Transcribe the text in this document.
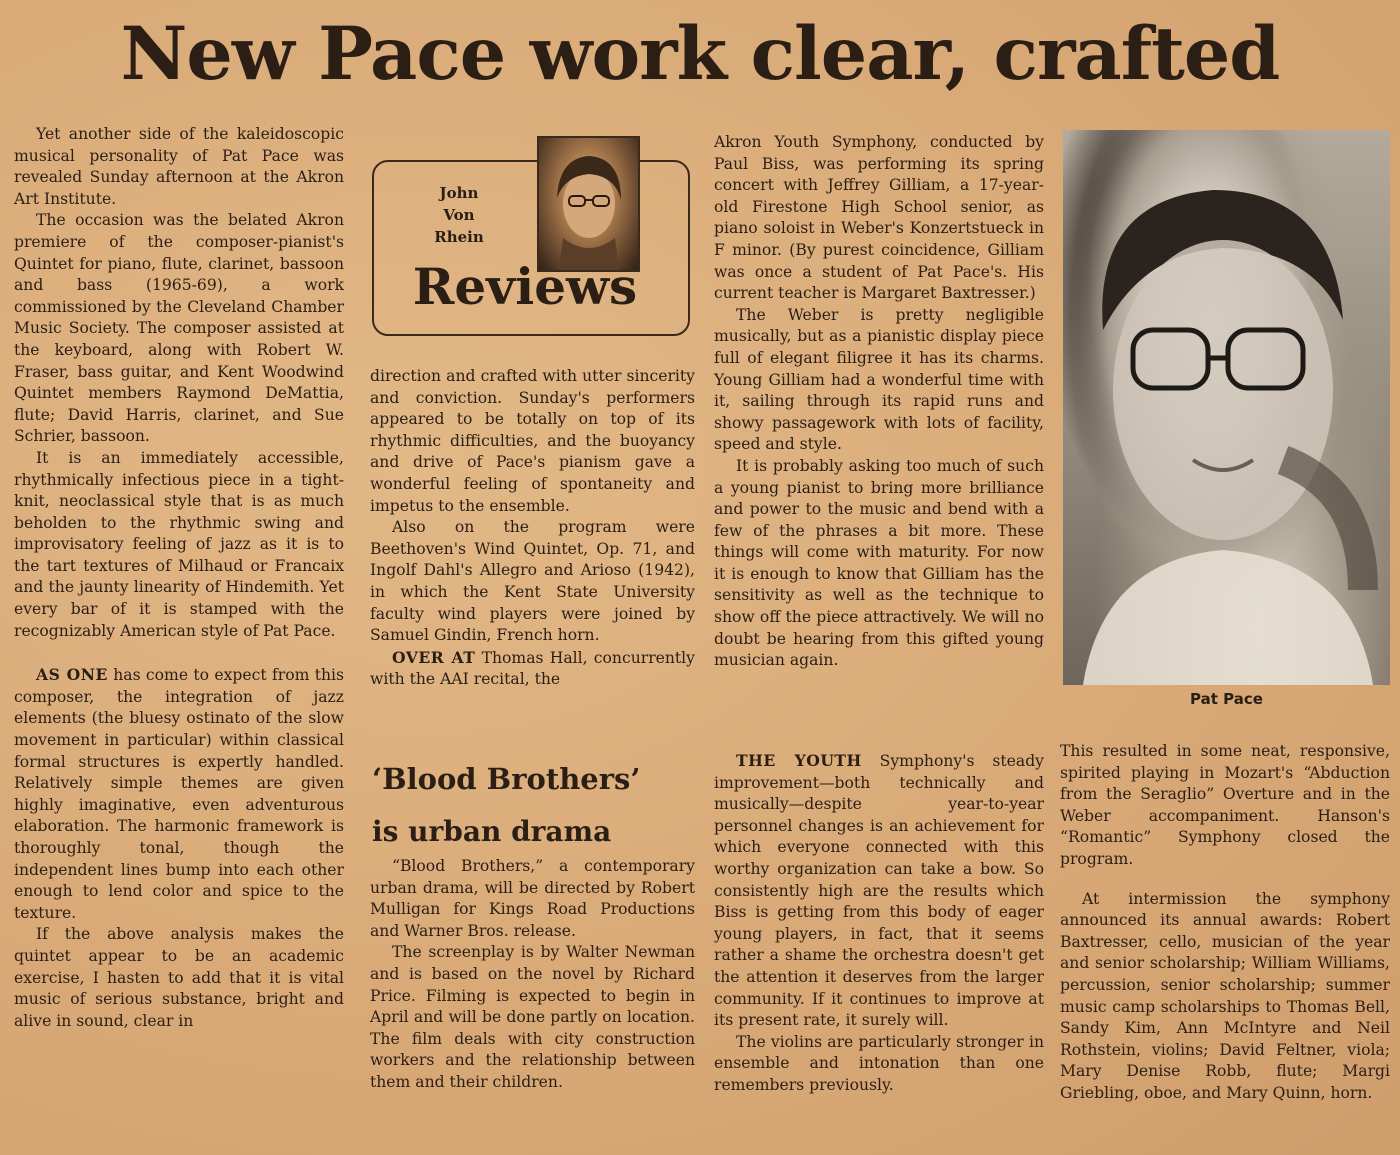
New Pace work clear, crafted

Yet another side of the kaleidoscopic musical personality of Pat Pace was revealed Sunday afternoon at the Akron Art Institute.

The occasion was the belated Akron premiere of the composer-pianist's Quintet for piano, flute, clarinet, bassoon and bass (1965-69), a work commissioned by the Cleveland Chamber Music Society. The composer assisted at the keyboard, along with Robert W. Fraser, bass guitar, and Kent Woodwind Quintet members Raymond DeMattia, flute; David Harris, clarinet, and Sue Schrier, bassoon.

It is an immediately accessible, rhythmically infectious piece in a tight-knit, neoclassical style that is as much beholden to the rhythmic swing and improvisatory feeling of jazz as it is to the tart textures of Milhaud or Francaix and the jaunty linearity of Hindemith. Yet every bar of it is stamped with the recognizably American style of Pat Pace.

AS ONE has come to expect from this composer, the integration of jazz elements (the bluesy ostinato of the slow movement in particular) within classical formal structures is expertly handled. Relatively simple themes are given highly imaginative, even adventurous elaboration. The harmonic framework is thoroughly tonal, though the independent lines bump into each other enough to lend color and spice to the texture.

If the above analysis makes the quintet appear to be an academic exercise, I hasten to add that it is vital music of serious substance, bright and alive in sound, clear in

John
Von
Rhein
Reviews

direction and crafted with utter sincerity and conviction. Sunday's performers appeared to be totally on top of its rhythmic difficulties, and the buoyancy and drive of Pace's pianism gave a wonderful feeling of spontaneity and impetus to the ensemble.

Also on the program were Beethoven's Wind Quintet, Op. 71, and Ingolf Dahl's Allegro and Arioso (1942), in which the Kent State University faculty wind players were joined by Samuel Gindin, French horn.

OVER AT Thomas Hall, concurrently with the AAI recital, the

‘Blood Brothers’
is urban drama

“Blood Brothers,” a contemporary urban drama, will be directed by Robert Mulligan for Kings Road Productions and Warner Bros. release.

The screenplay is by Walter Newman and is based on the novel by Richard Price. Filming is expected to begin in April and will be done partly on location. The film deals with city construction workers and the relationship between them and their children.

Akron Youth Symphony, conducted by Paul Biss, was performing its spring concert with Jeffrey Gilliam, a 17-year-old Firestone High School senior, as piano soloist in Weber's Konzertstueck in F minor. (By purest coincidence, Gilliam was once a student of Pat Pace's. His current teacher is Margaret Baxtresser.)

The Weber is pretty negligible musically, but as a pianistic display piece full of elegant filigree it has its charms. Young Gilliam had a wonderful time with it, sailing through its rapid runs and showy passagework with lots of facility, speed and style.

It is probably asking too much of such a young pianist to bring more brilliance and power to the music and bend with a few of the phrases a bit more. These things will come with maturity. For now it is enough to know that Gilliam has the sensitivity as well as the technique to show off the piece attractively. We will no doubt be hearing from this gifted young musician again.

THE YOUTH Symphony's steady improvement—both technically and musically—despite year-to-year personnel changes is an achievement for which everyone connected with this worthy organization can take a bow. So consistently high are the results which Biss is getting from this body of eager young players, in fact, that it seems rather a shame the orchestra doesn't get the attention it deserves from the larger community. If it continues to improve at its present rate, it surely will.

The violins are particularly stronger in ensemble and intonation than one remembers previously.

Pat Pace

This resulted in some neat, responsive, spirited playing in Mozart's “Abduction from the Seraglio” Overture and in the Weber accompaniment. Hanson's “Romantic” Symphony closed the program.

At intermission the symphony announced its annual awards: Robert Baxtresser, cello, musician of the year and senior scholarship; William Williams, percussion, senior scholarship; summer music camp scholarships to Thomas Bell, Sandy Kim, Ann McIntyre and Neil Rothstein, violins; David Feltner, viola; Mary Denise Robb, flute; Margi Griebling, oboe, and Mary Quinn, horn.
